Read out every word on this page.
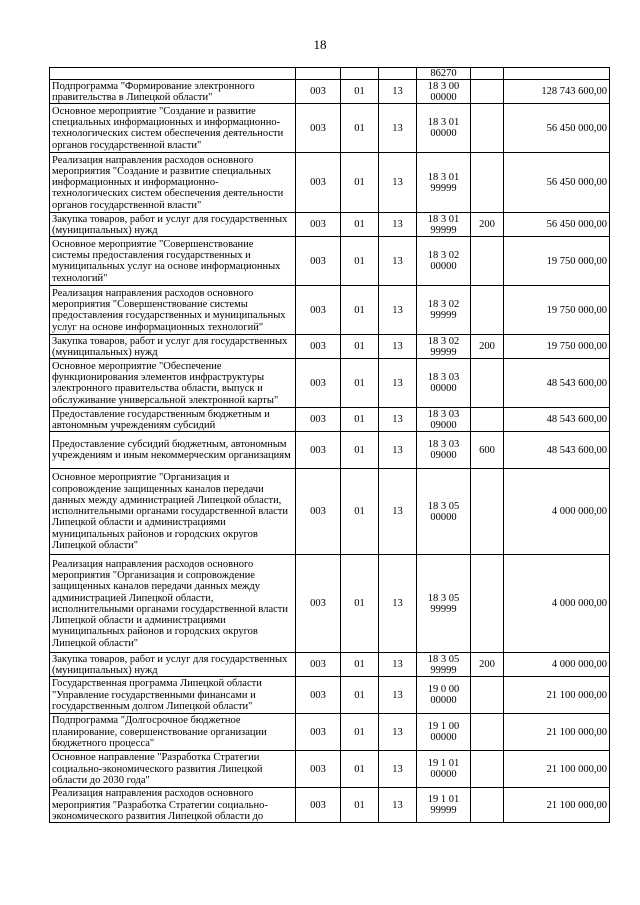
18
				86270		
Подпрограмма "Формирование электронного правительства в Липецкой области"	003	01	13	18 3 00 00000		128 743 600,00
Основное мероприятие "Создание и развитие специальных информационных и информационно-технологических систем обеспечения деятельности органов государственной власти"	003	01	13	18 3 01 00000		56 450 000,00
Реализация направления расходов основного мероприятия "Создание и развитие специальных информационных и информационно-технологических систем обеспечения деятельности органов государственной власти"	003	01	13	18 3 01 99999		56 450 000,00
Закупка товаров, работ и услуг для государственных (муниципальных) нужд	003	01	13	18 3 01 99999	200	56 450 000,00
Основное мероприятие "Совершенствование системы предоставления государственных и муниципальных услуг на основе информационных технологий"	003	01	13	18 3 02 00000		19 750 000,00
Реализация направления расходов основного мероприятия "Совершенствование системы предоставления государственных и муниципальных услуг на основе информационных технологий"	003	01	13	18 3 02 99999		19 750 000,00
Закупка товаров, работ и услуг для государственных (муниципальных) нужд	003	01	13	18 3 02 99999	200	19 750 000,00
Основное мероприятие "Обеспечение функционирования элементов инфраструктуры электронного правительства области, выпуск и обслуживание универсальной электронной карты"	003	01	13	18 3 03 00000		48 543 600,00
Предоставление государственным бюджетным и автономным учреждениям субсидий	003	01	13	18 3 03 09000		48 543 600,00
Предоставление субсидий бюджетным, автономным учреждениям и иным некоммерческим организациям	003	01	13	18 3 03 09000	600	48 543 600,00
Основное мероприятие "Организация и сопровождение защищенных каналов передачи данных между администрацией Липецкой области, исполнительными органами государственной власти Липецкой области и администрациями муниципальных районов и городских округов Липецкой области"	003	01	13	18 3 05 00000		4 000 000,00
Реализация направления расходов основного мероприятия "Организация и сопровождение защищенных каналов передачи данных между администрацией Липецкой области, исполнительными органами государственной власти Липецкой области и администрациями муниципальных районов и городских округов Липецкой области"	003	01	13	18 3 05 99999		4 000 000,00
Закупка товаров, работ и услуг для государственных (муниципальных) нужд	003	01	13	18 3 05 99999	200	4 000 000,00
Государственная программа Липецкой области "Управление государственными финансами и государственным долгом Липецкой области"	003	01	13	19 0 00 00000		21 100 000,00
Подпрограмма "Долгосрочное бюджетное планирование, совершенствование организации бюджетного процесса"	003	01	13	19 1 00 00000		21 100 000,00
Основное направление "Разработка Стратегии социально-экономического развития Липецкой области до 2030 года"	003	01	13	19 1 01 00000		21 100 000,00
Реализация направления расходов основного мероприятия "Разработка Стратегии социально-экономического развития Липецкой области до	003	01	13	19 1 01 99999		21 100 000,00
